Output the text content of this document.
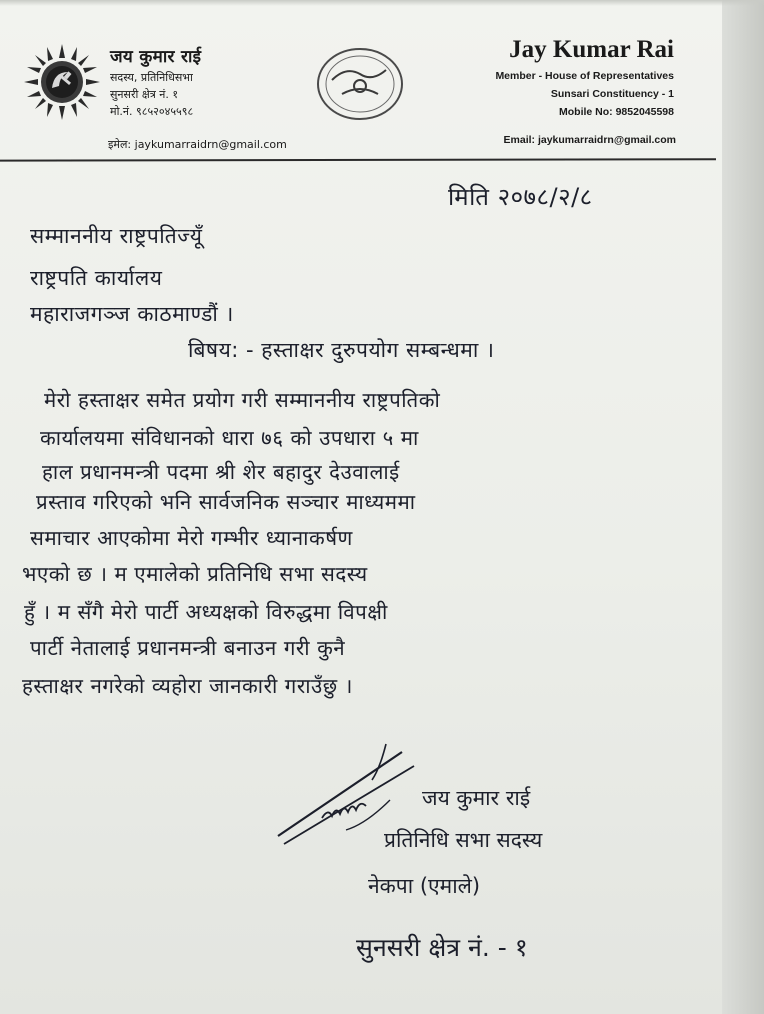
जय कुमार राई
सदस्य, प्रतिनिधिसभा
सुनसरी क्षेत्र नं. १
मो.नं. ९८५२०४५५९८
इमेल: jaykumarraidrn@gmail.com
Jay Kumar Rai
Member - House of Representatives
Sunsari Constituency - 1
Mobile No: 9852045598
Email: jaykumarraidrn@gmail.com
मिति २०७८/२/८
सम्माननीय राष्ट्रपतिज्यूँ
राष्ट्रपति कार्यालय
महाराजगञ्ज काठमाण्डौं ।
बिषय: - हस्ताक्षर दुरुपयोग सम्बन्धमा ।
मेरो हस्ताक्षर समेत प्रयोग गरी सम्माननीय राष्ट्रपतिको
कार्यालयमा संविधानको धारा ७६ को उपधारा ५ मा
हाल प्रधानमन्त्री पदमा श्री शेर बहादुर देउवालाई
प्रस्ताव गरिएको भनि सार्वजनिक सञ्चार माध्यममा
समाचार आएकोमा मेरो गम्भीर ध्यानाकर्षण
भएको छ । म एमालेको प्रतिनिधि सभा सदस्य
हुँ । म सँगै मेरो पार्टी अध्यक्षको विरुद्धमा विपक्षी
पार्टी नेतालाई प्रधानमन्त्री बनाउन गरी कुनै
हस्ताक्षर नगरेको व्यहोरा जानकारी गराउँछु ।
जय कुमार राई
प्रतिनिधि सभा सदस्य
नेकपा (एमाले)
सुनसरी क्षेत्र नं. - १
